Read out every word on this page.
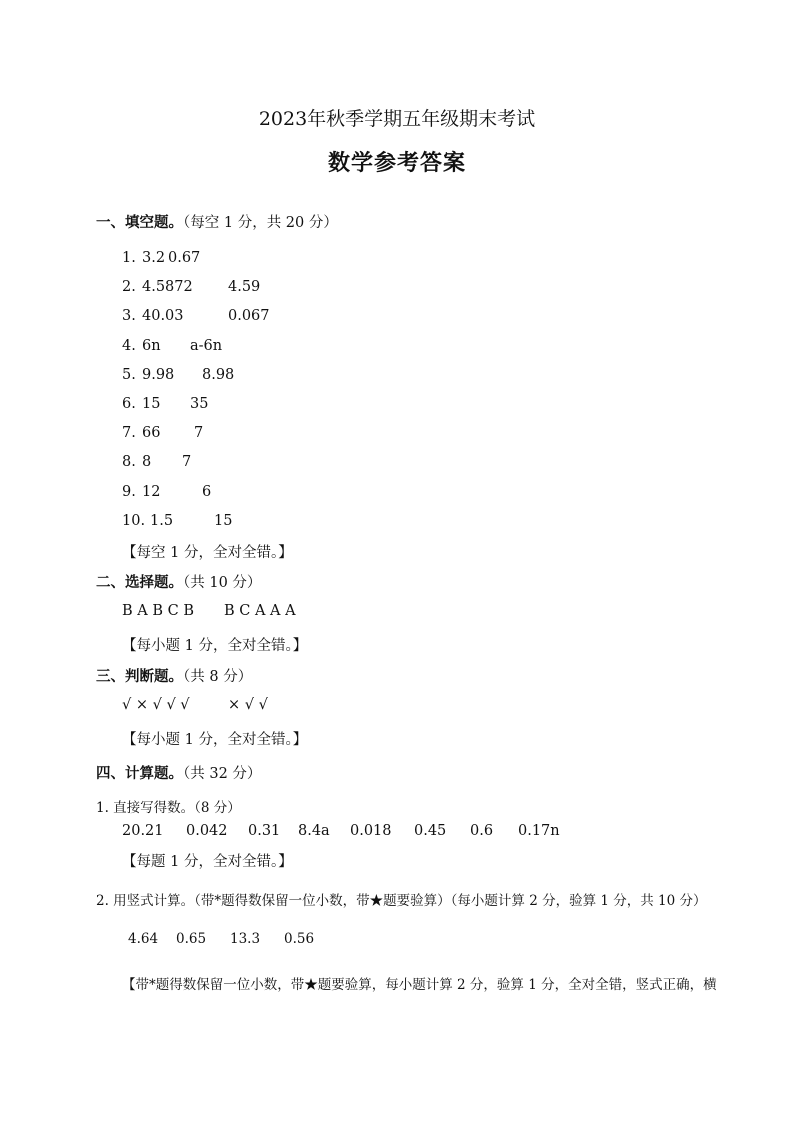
2023年秋季学期五年级期末考试
数学参考答案
一、填空题。（每空 1 分，共 20 分）
1. 3.2 0.67
2. 4.5872 4.59
3. 40.03	0.067
4. 6n a-6n
5. 9.98 8.98
6. 15 35
7. 66 7
8. 8 7
9. 12	6
10. 1.5	15
【每空 1 分，全对全错。】
二、选择题。（共 10 分）
B A B C B B C A A A
【每小题 1 分，全对全错。】
三、判断题。（共 8 分）
√ × √ √ √	× √ √
【每小题 1 分，全对全错。】
四、计算题。（共 32 分）
1. 直接写得数。（8 分）
20.21 0.042 0.31 8.4a 0.018 0.45 0.6 0.17n
【每题 1 分，全对全错。】
2. 用竖式计算。（带*题得数保留一位小数，带★题要验算）（每小题计算 2 分，验算 1 分，共 10 分）
4.64 0.65 13.3 0.56
【带*题得数保留一位小数，带★题要验算，每小题计算 2 分，验算 1 分，全对全错，竖式正确，横
